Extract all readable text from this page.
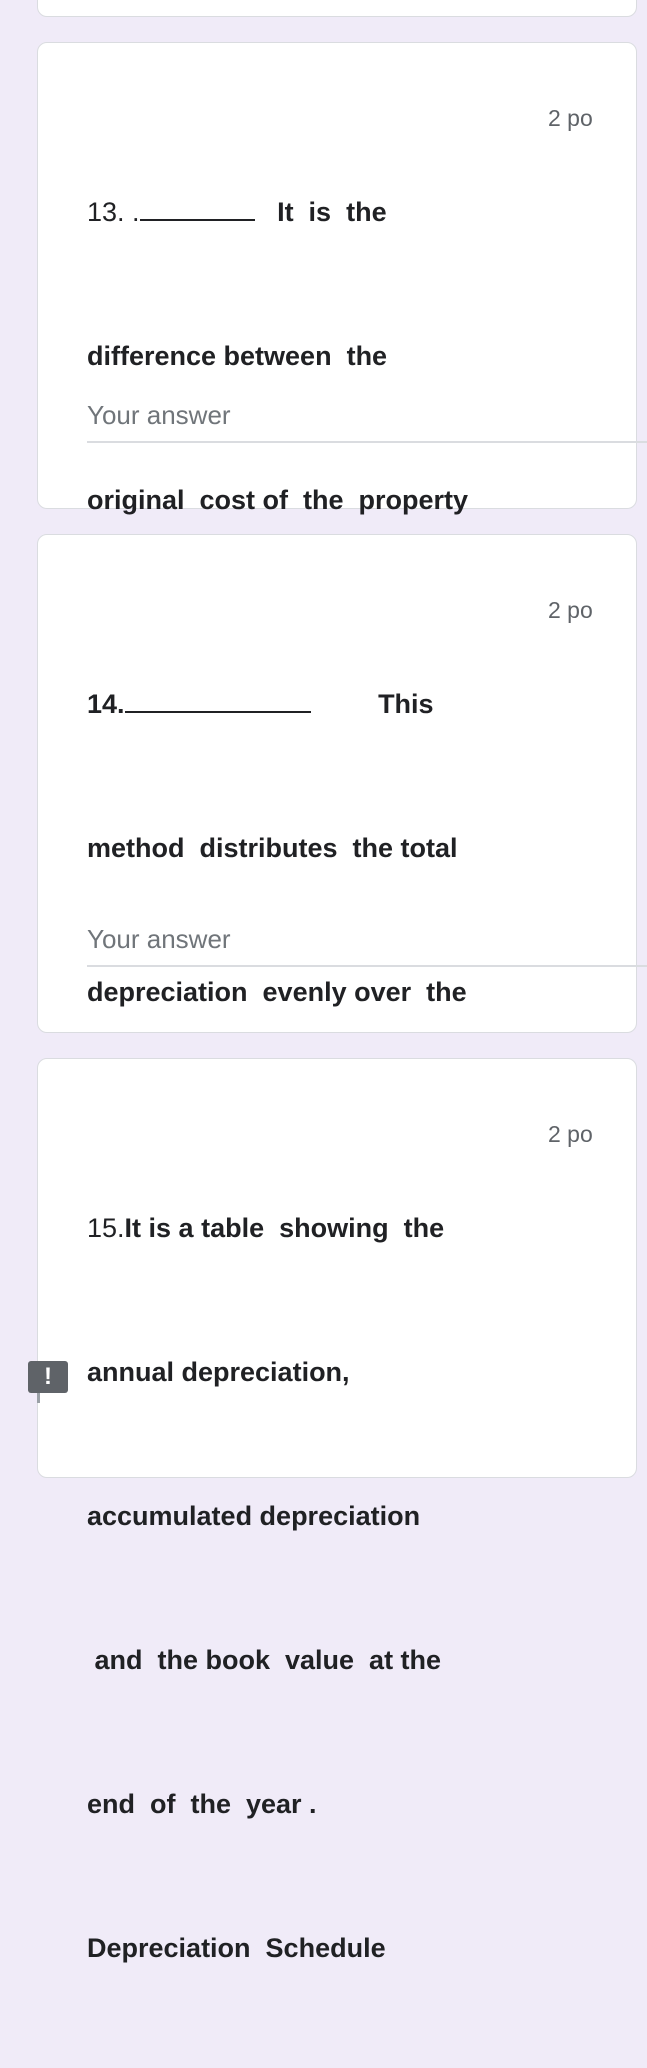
13. .	It  is  the

difference between  the

original  cost of  the  property

2 po
Your answer

14.	This

method  distributes  the total

depreciation  evenly over  the

2 po
Your answer

15.It is a table  showing  the

annual depreciation,

accumulated depreciation

and  the book  value  at the

end  of  the  year .

Depreciation  Schedule

2 po
!
